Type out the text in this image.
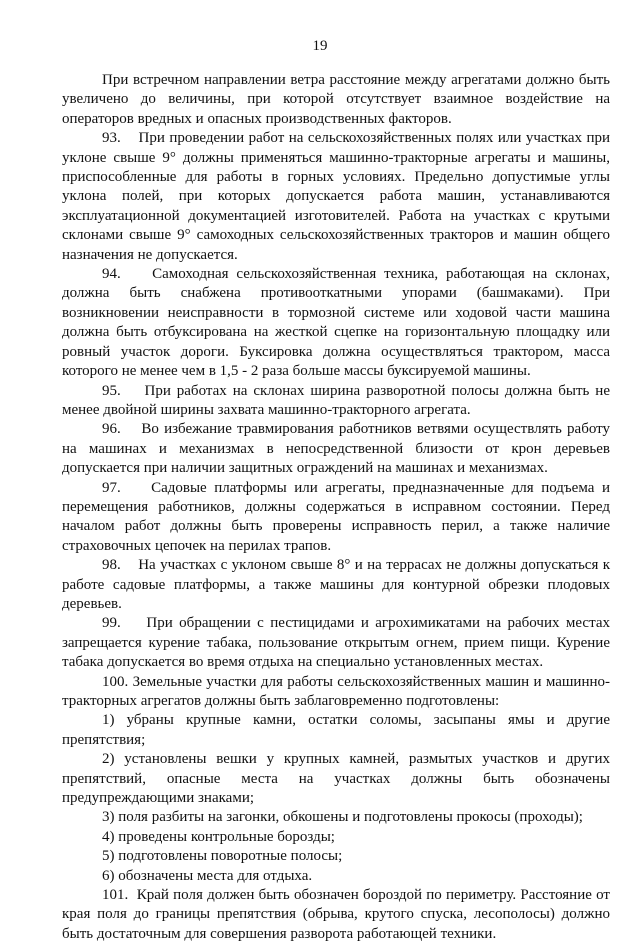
19

При встречном направлении ветра расстояние между агрегатами должно быть увеличено до величины, при которой отсутствует взаимное воздействие на операторов вредных и опасных производственных факторов.

93.    При проведении работ на сельскохозяйственных полях или участках при уклоне свыше 9° должны применяться машинно-тракторные агрегаты и машины, приспособленные для работы в горных условиях. Предельно допустимые углы уклона полей, при которых допускается работа машин, устанавливаются эксплуатационной документацией изготовителей. Работа на участках с крутыми склонами свыше 9° самоходных сельскохозяйственных тракторов и машин общего назначения не допускается.

94.    Самоходная сельскохозяйственная техника, работающая на склонах, должна быть снабжена противооткатными упорами (башмаками). При возникновении неисправности в тормозной системе или ходовой части машина должна быть отбуксирована на жесткой сцепке на горизонтальную площадку или ровный участок дороги. Буксировка должна осуществляться трактором, масса которого не менее чем в 1,5 - 2 раза больше массы буксируемой машины.

95.    При работах на склонах ширина разворотной полосы должна быть не менее двойной ширины захвата машинно-тракторного агрегата.

96.    Во избежание травмирования работников ветвями осуществлять работу на машинах и механизмах в непосредственной близости от крон деревьев допускается при наличии защитных ограждений на машинах и механизмах.

97.    Садовые платформы или агрегаты, предназначенные для подъема и перемещения работников, должны содержаться в исправном состоянии. Перед началом работ должны быть проверены исправность перил, а также наличие страховочных цепочек на перилах трапов.

98.    На участках с уклоном свыше 8° и на террасах не должны допускаться к работе садовые платформы, а также машины для контурной обрезки плодовых деревьев.

99.    При обращении с пестицидами и агрохимикатами на рабочих местах запрещается курение табака, пользование открытым огнем, прием пищи. Курение табака допускается во время отдыха на специально установленных местах.

100. Земельные участки для работы сельскохозяйственных машин и машинно-тракторных агрегатов должны быть заблаговременно подготовлены:

1) убраны крупные камни, остатки соломы, засыпаны ямы и другие препятствия;

2) установлены вешки у крупных камней, размытых участков и других препятствий, опасные места на участках должны быть обозначены предупреждающими знаками;

3) поля разбиты на загонки, обкошены и подготовлены прокосы (проходы);

4) проведены контрольные борозды;

5) подготовлены поворотные полосы;

6) обозначены места для отдыха.

101.  Край поля должен быть обозначен бороздой по периметру. Расстояние от края поля до границы препятствия (обрыва, крутого спуска, лесополосы) должно быть достаточным для совершения разворота работающей техники.
